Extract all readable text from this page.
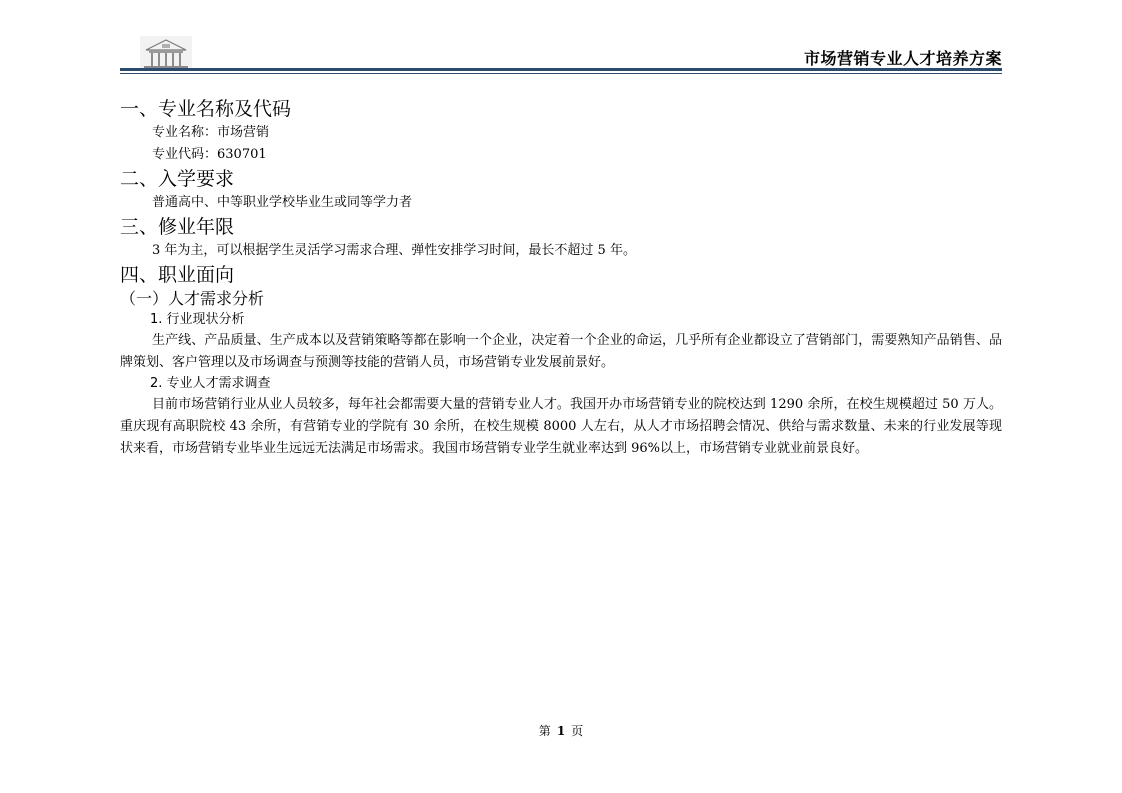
市场营销专业人才培养方案
一、专业名称及代码
专业名称：市场营销
专业代码：630701
二、入学要求
普通高中、中等职业学校毕业生或同等学力者
三、修业年限
3 年为主，可以根据学生灵活学习需求合理、弹性安排学习时间，最长不超过 5 年。
四、职业面向
（一）人才需求分析
1. 行业现状分析

生产线、产品质量、生产成本以及营销策略等都在影响一个企业，决定着一个企业的命运，几乎所有企业都设立了营销部门，需要熟知产品销售、品牌策划、客户管理以及市场调查与预测等技能的营销人员，市场营销专业发展前景好。

2. 专业人才需求调查

目前市场营销行业从业人员较多，每年社会都需要大量的营销专业人才。我国开办市场营销专业的院校达到 1290 余所，在校生规模超过 50 万人。重庆现有高职院校 43 余所，有营销专业的学院有 30 余所，在校生规模 8000 人左右，从人才市场招聘会情况、供给与需求数量、未来的行业发展等现状来看，市场营销专业毕业生远远无法满足市场需求。我国市场营销专业学生就业率达到 96%以上，市场营销专业就业前景良好。

第 1 页
